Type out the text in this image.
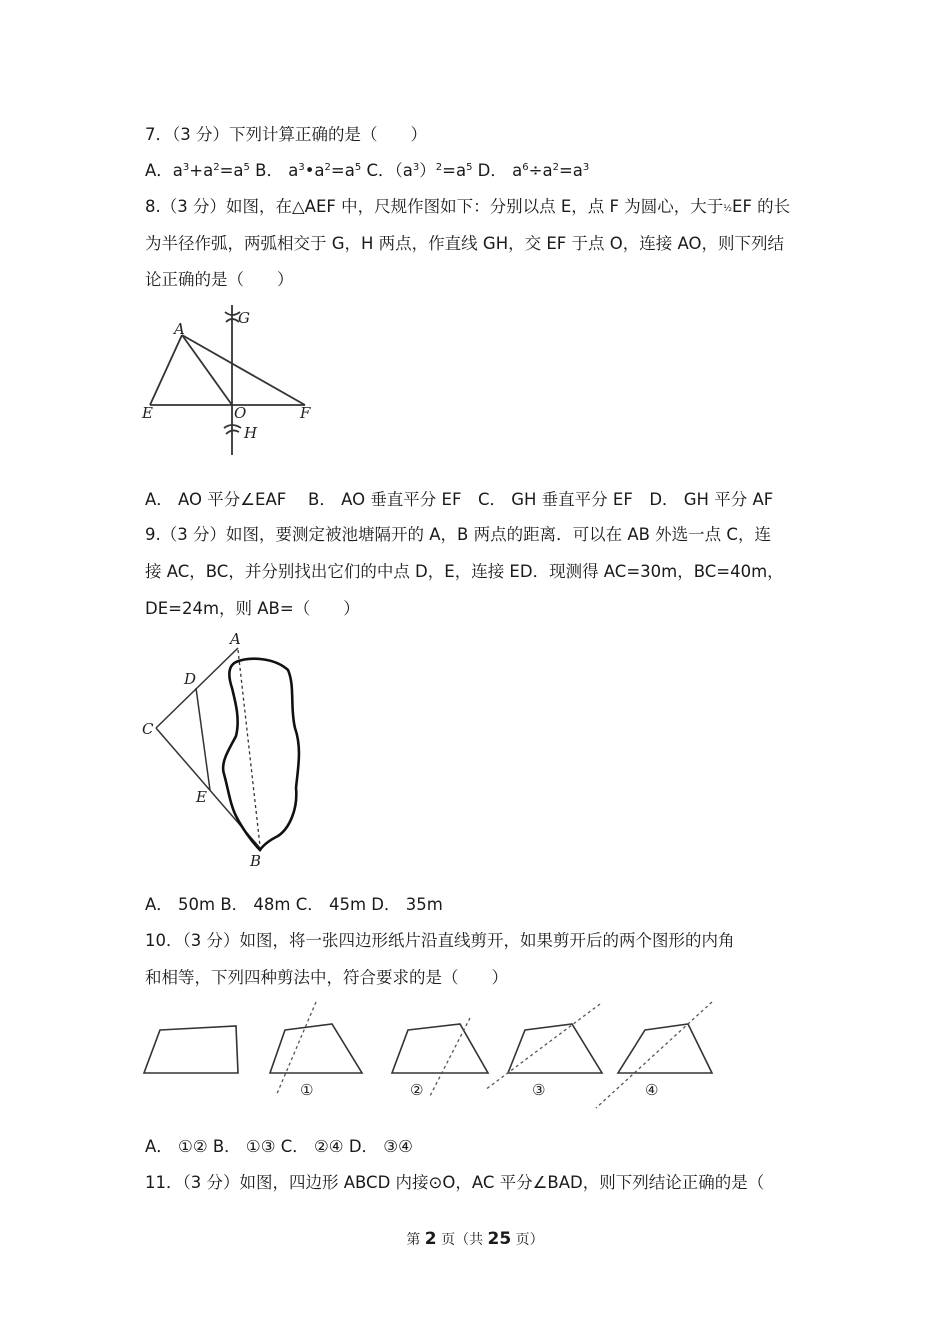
7．（3 分）下列计算正确的是（　　）
A．$a^3+a^2=a^5$ B． $a^3•a^2=a^5$ C．$(a^3)^2=a^5$ D． $a^6\div a^2=a^3$
8.（3 分）如图，在△AEF 中，尺规作图如下：分别以点 E，点 F 为圆心，大于½EF 的长
为半径作弧，两弧相交于 G，H 两点，作直线 GH，交 EF 于点 O，连接 AO，则下列结
论正确的是（　　）
A
G
E	O	F
H
A． AO 平分∠EAF　 B． AO 垂直平分 EF　C． GH 垂直平分 EF　D． GH 平分 AF
9.（3 分）如图，要测定被池塘隔开的 A，B 两点的距离．可以在 AB 外选一点 C，连
接 AC，BC，并分别找出它们的中点 D，E，连接 ED．现测得 AC=30m，BC=40m，
DE=24m，则 AB=（　　）
A
D
C
E
B
A． 50m B． 48m C． 45m D． 35m
10．（3 分）如图，将一张四边形纸片沿直线剪开，如果剪开后的两个图形的内角
和相等，下列四种剪法中，符合要求的是（　　）
①	②	③	④
A． ①② B． ①③ C． ②④ D． ③④
11．（3 分）如图，四边形 ABCD 内接⊙O，AC 平分∠BAD，则下列结论正确的是（
第 2 页（共 25 页）
